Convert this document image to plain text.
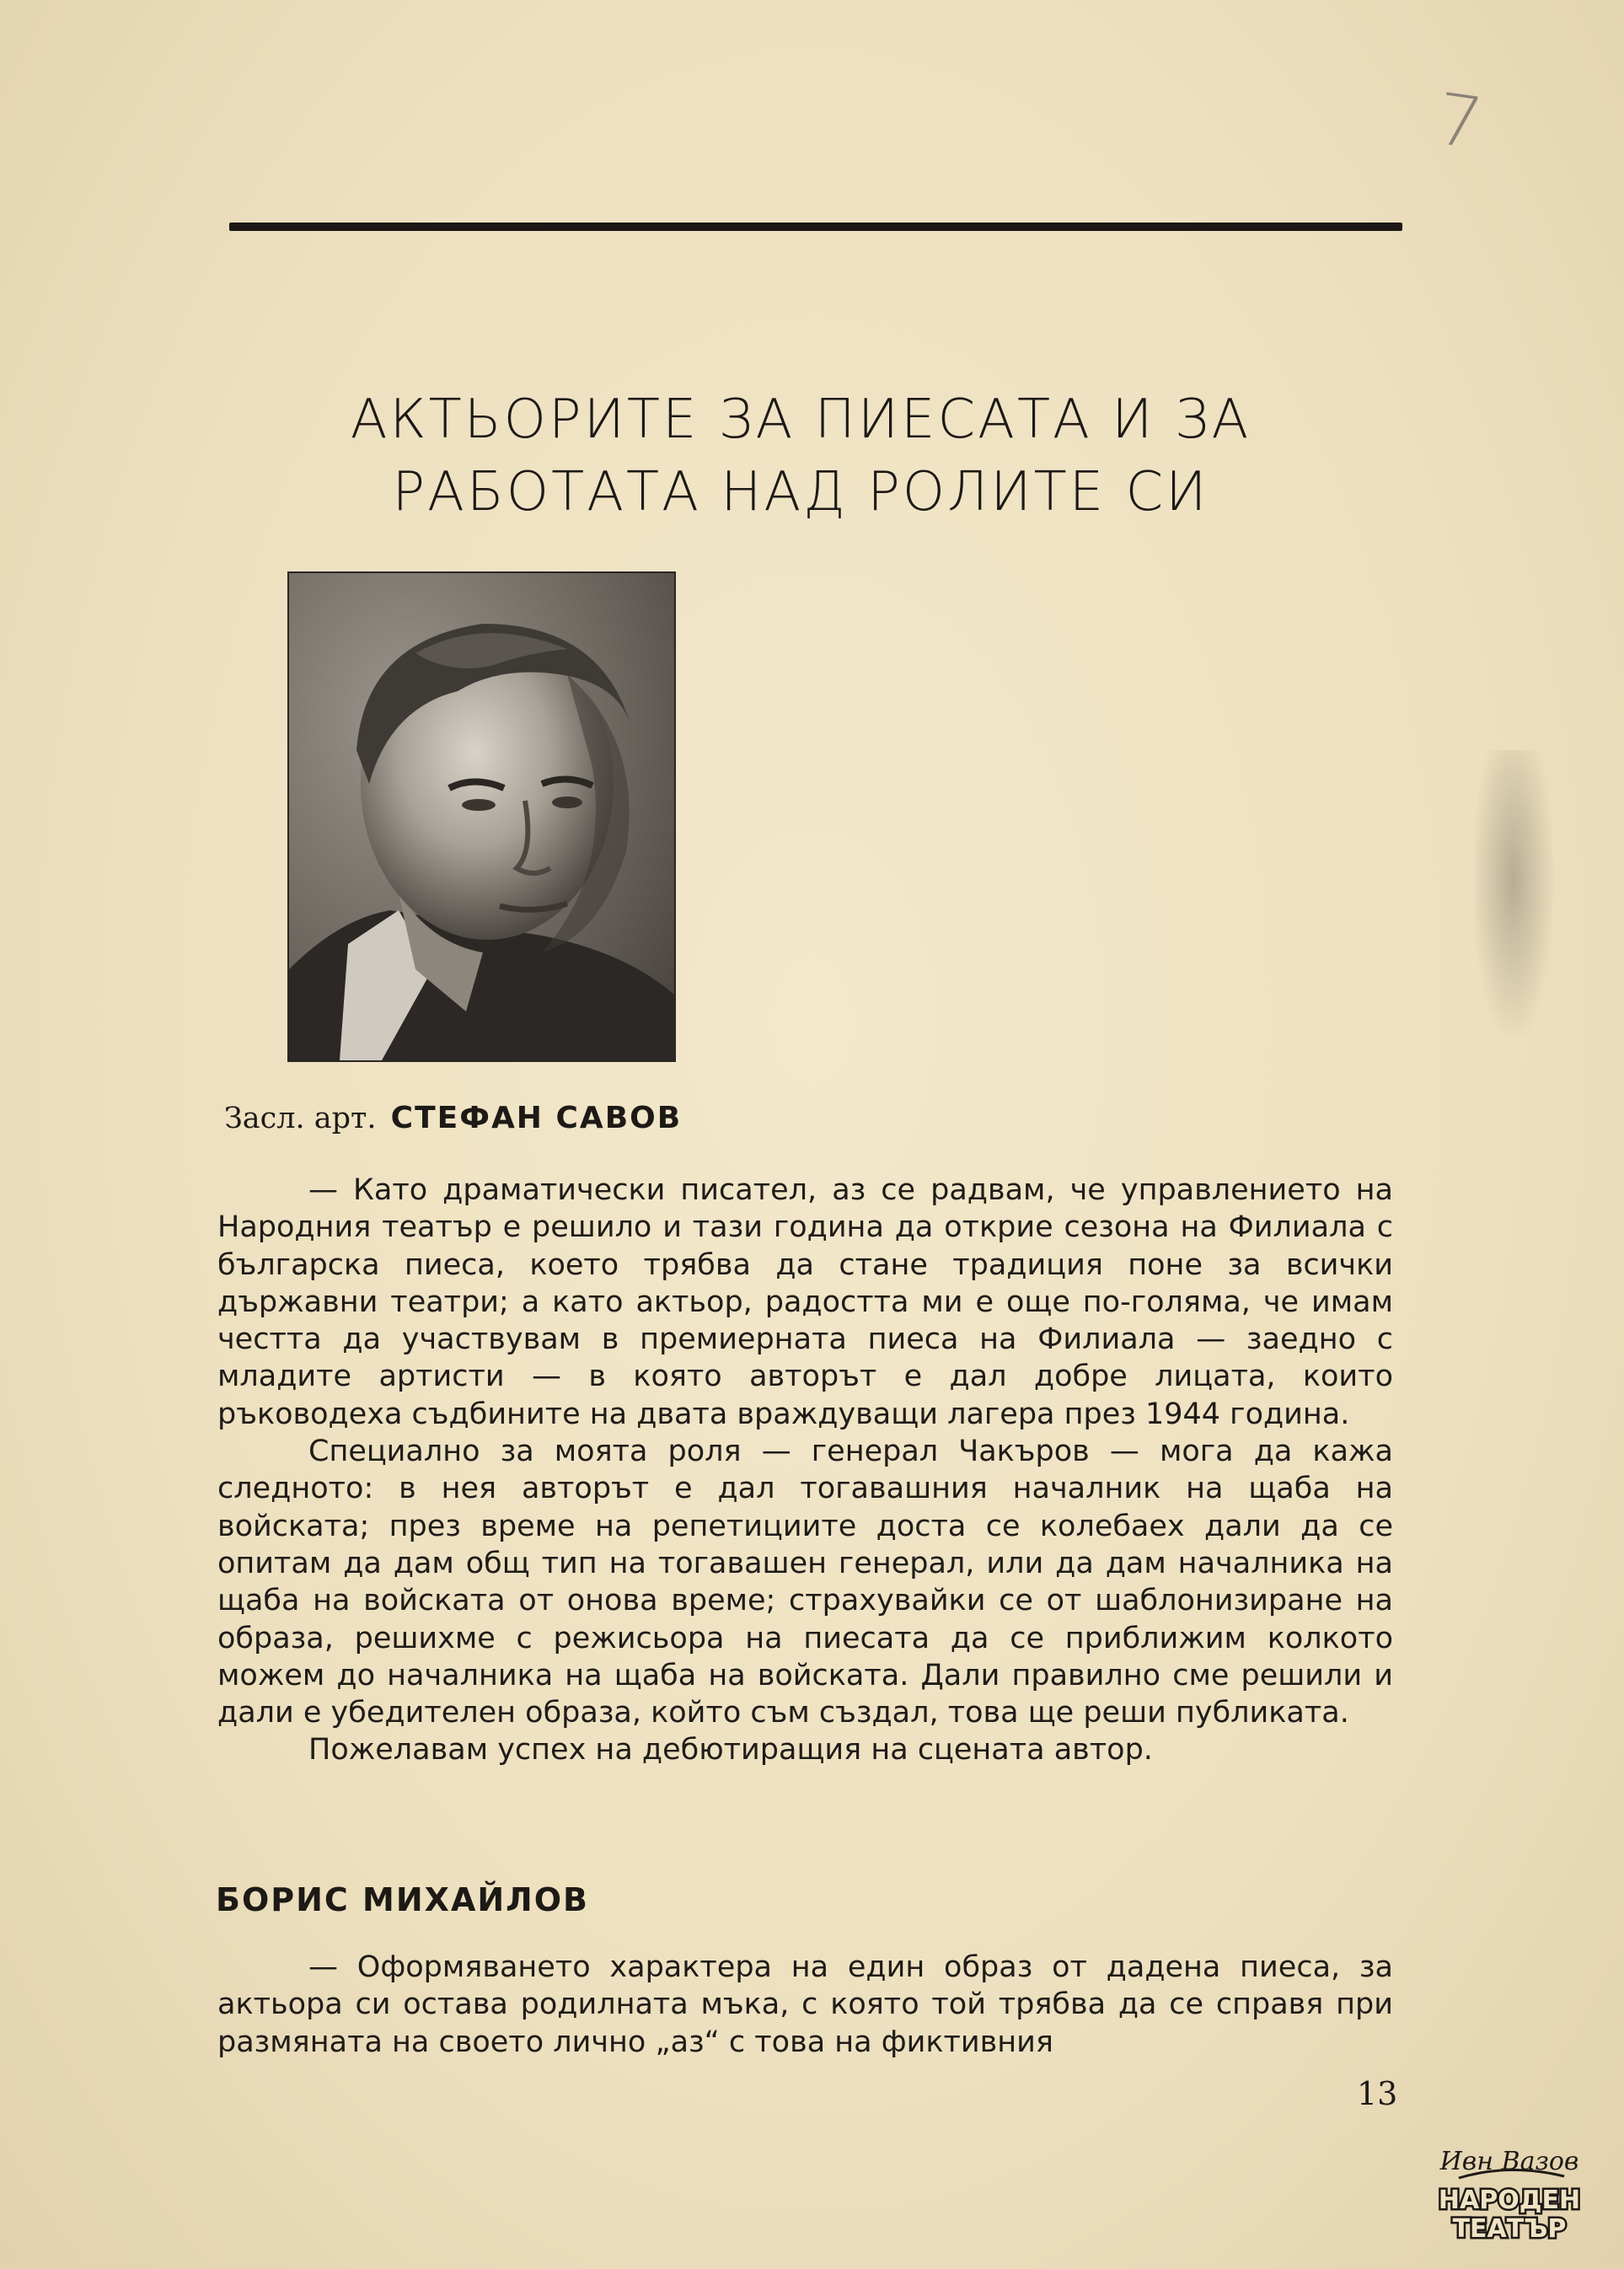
7
АКТЬОРИТЕ ЗА ПИЕСАТА И ЗА
РАБОТАТА НАД РОЛИТЕ СИ
Засл. арт. СТЕФАН САВОВ

— Като драматически писател, аз се радвам, че управлението на Народния театър е решило и тази година да открие сезона на Филиала с българска пиеса, което трябва да стане традиция поне за всички държавни театри; а като актьор, радостта ми е още по-голяма, че имам честта да участвувам в премиерната пиеса на Филиала — заедно с младите артисти — в която авторът е дал добре лицата, които ръководеха съдбините на двата враждуващи лагера през 1944 година.

Специално за моята роля — генерал Чакъров — мога да кажа следното: в нея авторът е дал тогавашния началник на щаба на войската; през време на репетициите доста се колебаех дали да се опитам да дам общ тип на тогавашен генерал, или да дам началника на щаба на войската от онова време; страхувайки се от шаблонизиране на образа, решихме с режисьора на пиесата да се приближим колкото можем до началника на щаба на войската. Дали правилно сме решили и дали е убедителен образа, който съм създал, това ще реши публиката.

Пожелавам успех на дебютиращия на сцената автор.

БОРИС МИХАЙЛОВ

— Оформяването характера на един образ от дадена пиеса, за актьора си остава родилната мъка, с която той трябва да се справя при размяната на своето лично „аз“ с това на фиктивния

13
Ивн Вазов
НАРОДЕН
ТЕАТЪР
